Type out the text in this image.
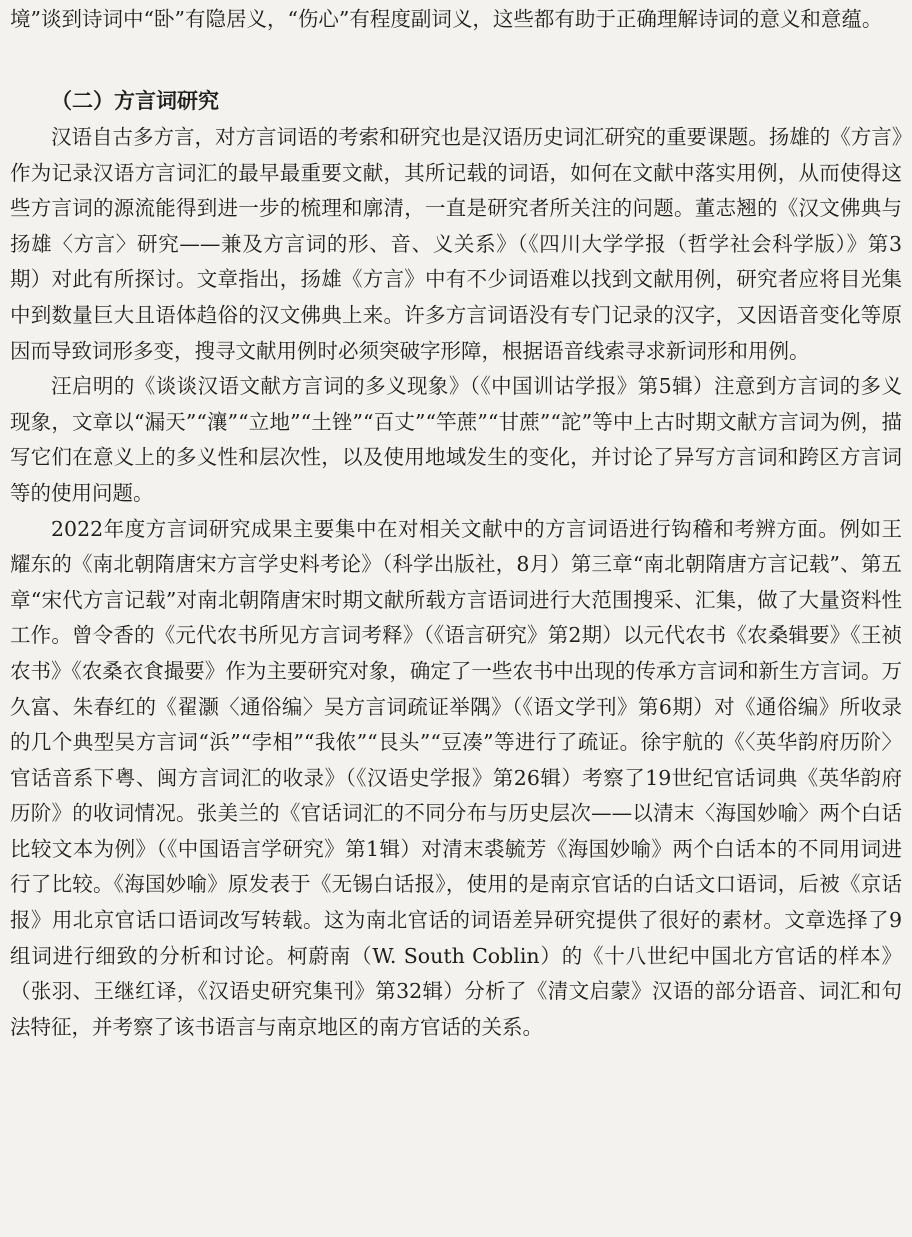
境”谈到诗词中“卧”有隐居义，“伤心”有程度副词义，这些都有助于正确理解诗词的意义和意蕴。

（二）方言词研究

汉语自古多方言，对方言词语的考索和研究也是汉语历史词汇研究的重要课题。扬雄的《方言》作为记录汉语方言词汇的最早最重要文献，其所记载的词语，如何在文献中落实用例，从而使得这些方言词的源流能得到进一步的梳理和廓清，一直是研究者所关注的问题。董志翘的《汉文佛典与扬雄〈方言〉研究——兼及方言词的形、音、义关系》（《四川大学学报（哲学社会科学版）》第3期）对此有所探讨。文章指出，扬雄《方言》中有不少词语难以找到文献用例，研究者应将目光集中到数量巨大且语体趋俗的汉文佛典上来。许多方言词语没有专门记录的汉字，又因语音变化等原因而导致词形多变，搜寻文献用例时必须突破字形障，根据语音线索寻求新词形和用例。

汪启明的《谈谈汉语文献方言词的多义现象》（《中国训诂学报》第5辑）注意到方言词的多义现象，文章以“漏天”“瀼”“立地”“土锉”“百丈”“竿蔗”“甘蔗”“詑”等中上古时期文献方言词为例，描写它们在意义上的多义性和层次性，以及使用地域发生的变化，并讨论了异写方言词和跨区方言词等的使用问题。

2022年度方言词研究成果主要集中在对相关文献中的方言词语进行钩稽和考辨方面。例如王耀东的《南北朝隋唐宋方言学史料考论》（科学出版社，8月）第三章“南北朝隋唐方言记载”、第五章“宋代方言记载”对南北朝隋唐宋时期文献所载方言语词进行大范围搜采、汇集，做了大量资料性工作。曾令香的《元代农书所见方言词考释》（《语言研究》第2期）以元代农书《农桑辑要》《王祯农书》《农桑衣食撮要》作为主要研究对象，确定了一些农书中出现的传承方言词和新生方言词。万久富、朱春红的《翟灏〈通俗编〉吴方言词疏证举隅》（《语文学刊》第6期）对《通俗编》所收录的几个典型吴方言词“浜”“孛相”“我侬”“艮头”“豆凑”等进行了疏证。徐宇航的《〈英华韵府历阶〉官话音系下粤、闽方言词汇的收录》（《汉语史学报》第26辑）考察了19世纪官话词典《英华韵府历阶》的收词情况。张美兰的《官话词汇的不同分布与历史层次——以清末〈海国妙喻〉两个白话比较文本为例》（《中国语言学研究》第1辑）对清末裘毓芳《海国妙喻》两个白话本的不同用词进行了比较。《海国妙喻》原发表于《无锡白话报》，使用的是南京官话的白话文口语词，后被《京话报》用北京官话口语词改写转载。这为南北官话的词语差异研究提供了很好的素材。文章选择了9组词进行细致的分析和讨论。柯蔚南（W. South Coblin）的《十八世纪中国北方官话的样本》（张羽、王继红译，《汉语史研究集刊》第32辑）分析了《清文启蒙》汉语的部分语音、词汇和句法特征，并考察了该书语言与南京地区的南方官话的关系。
